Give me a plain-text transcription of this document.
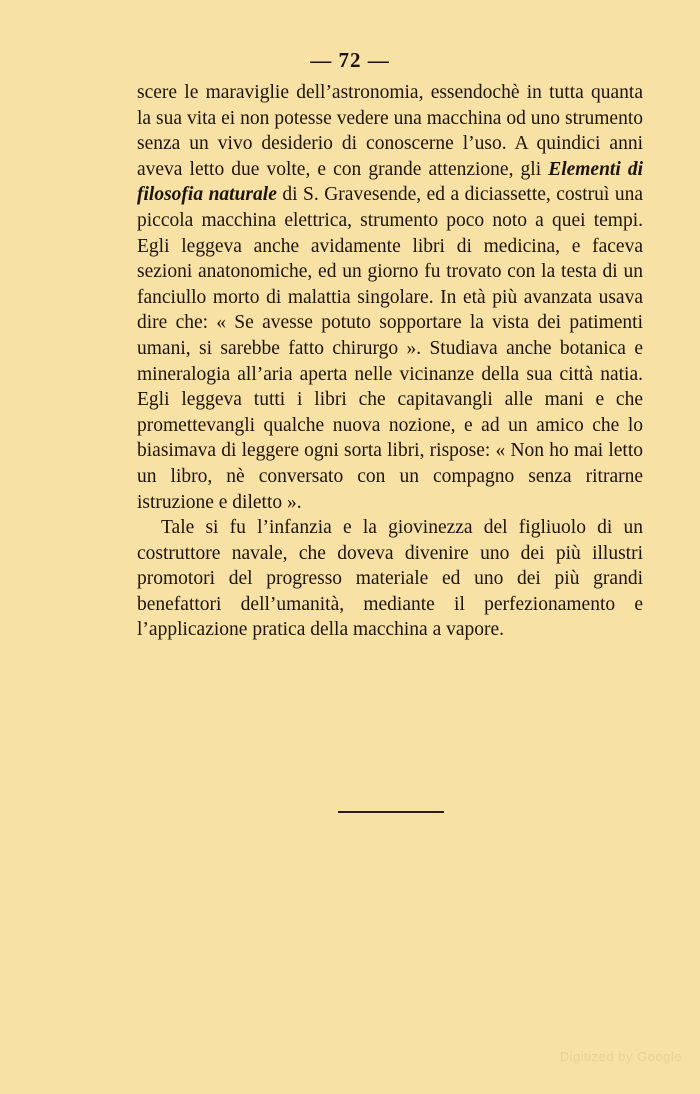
— 72 —

scere le maraviglie dell’astronomia, essendochè in tutta quanta la sua vita ei non potesse vedere una macchina od uno strumento senza un vivo desiderio di conoscerne l’uso. A quindici anni aveva letto due volte, e con grande attenzione, gli Elementi di filosofia naturale di S. Gravesende, ed a diciassette, costruì una piccola macchina elettrica, strumento poco noto a quei tempi. Egli leggeva anche avidamente libri di medicina, e faceva sezioni anatonomiche, ed un giorno fu trovato con la testa di un fanciullo morto di malattia singolare. In età più avanzata usava dire che: « Se avesse potuto sopportare la vista dei patimenti umani, si sarebbe fatto chirurgo ». Studiava anche botanica e mineralogia all’aria aperta nelle vicinanze della sua città natia. Egli leggeva tutti i libri che capitavangli alle mani e che promettevangli qualche nuova nozione, e ad un amico che lo biasimava di leggere ogni sorta libri, rispose: « Non ho mai letto un libro, nè conversato con un compagno senza ritrarne istruzione e diletto ».

Tale si fu l’infanzia e la giovinezza del figliuolo di un costruttore navale, che doveva divenire uno dei più illustri promotori del progresso materiale ed uno dei più grandi benefattori dell’umanità, mediante il perfezionamento e l’applicazione pratica della macchina a vapore.

Digitized by Google
